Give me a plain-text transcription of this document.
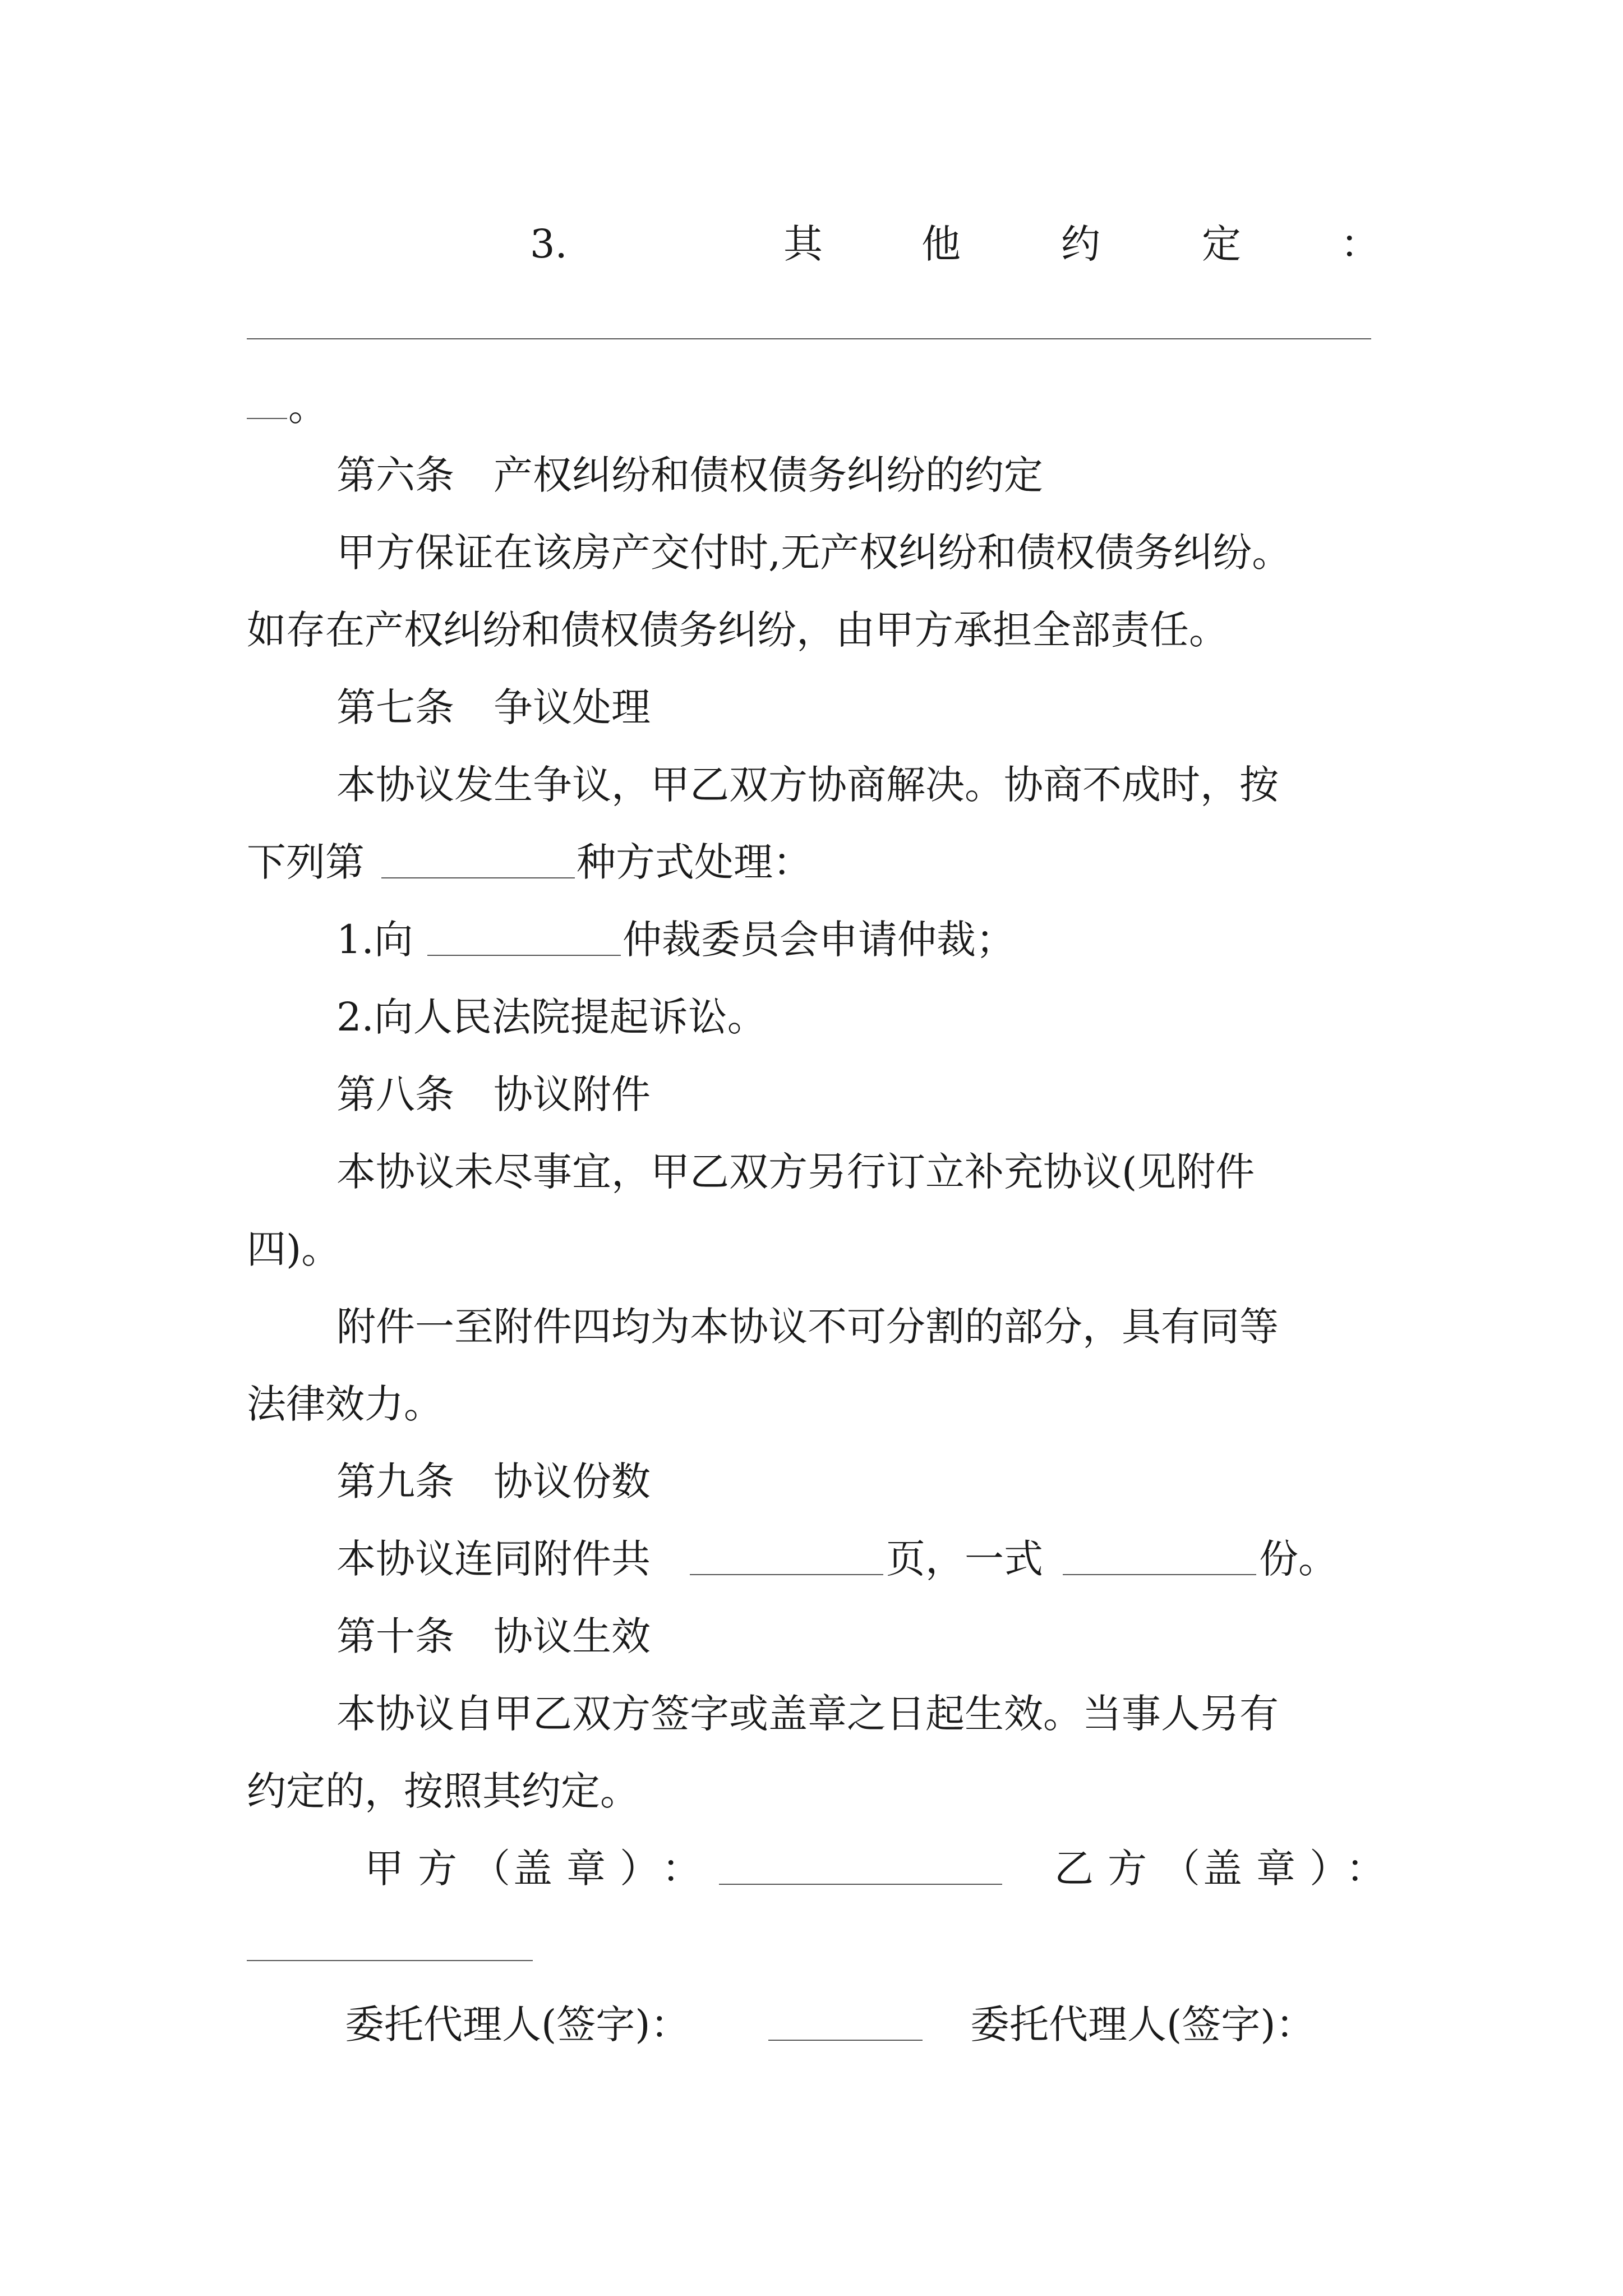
3.	其	他	约	定	：
。
第六条　产权纠纷和债权债务纠纷的约定
甲方保证在该房产交付时,无产权纠纷和债权债务纠纷。
如存在产权纠纷和债权债务纠纷，由甲方承担全部责任。
第七条　争议处理
本协议发生争议，甲乙双方协商解决。协商不成时，按
下列第	种方式处理：
1.向	仲裁委员会申请仲裁；
2.向人民法院提起诉讼。
第八条　协议附件
本协议未尽事宜，甲乙双方另行订立补充协议(见附件
四)。
附件一至附件四均为本协议不可分割的部分，具有同等
法律效力。
第九条　协议份数
本协议连同附件共	页，一式	份。
第十条　协议生效
本协议自甲乙双方签字或盖章之日起生效。当事人另有
约定的，按照其约定。
甲 方 （ 盖 章 ） ：	乙 方 （ 盖 章 ）
：
委托代理人(签字)：	委托代理人(签字)：
